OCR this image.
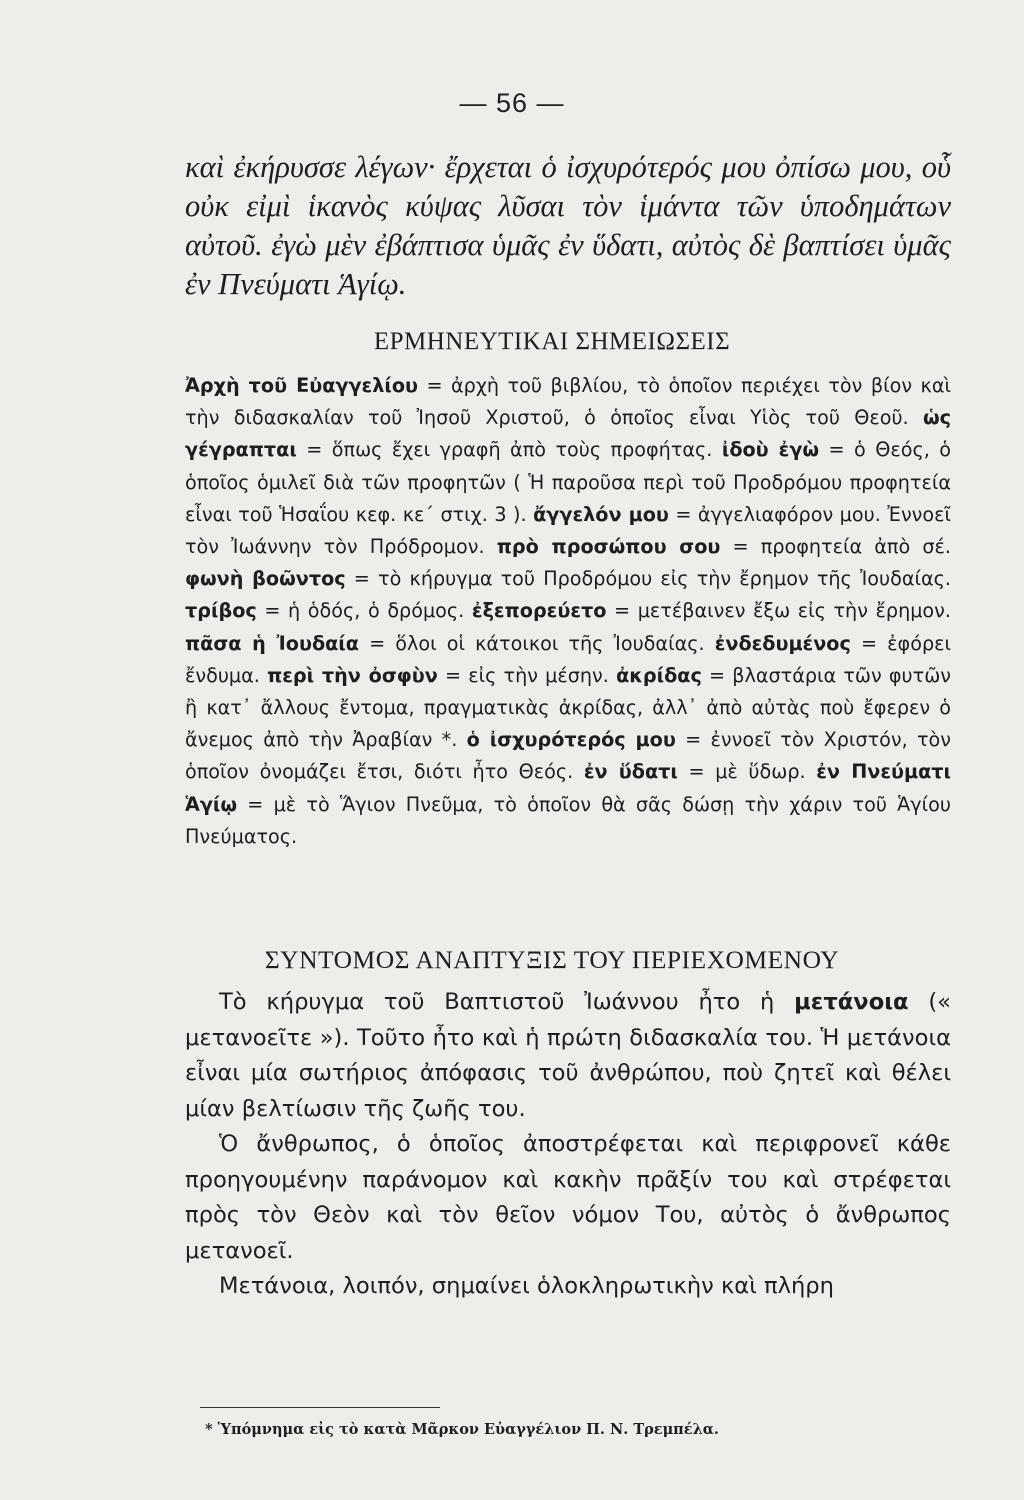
— 56 —

καὶ ἐκήρυσσε λέγων· ἔρχεται ὁ ἰσχυρότερός μου ὀπίσω μου, οὗ οὐκ εἰμὶ ἱκανὸς κύψας λῦσαι τὸν ἱμάντα τῶν ὑποδημάτων αὐτοῦ. ἐγὼ μὲν ἐβάπτισα ὑμᾶς ἐν ὕδατι, αὐτὸς δὲ βαπτίσει ὑμᾶς ἐν Πνεύματι Ἁγίῳ.

ΕΡΜΗΝΕΥΤΙΚΑΙ ΣΗΜΕΙΩΣΕΙΣ

Ἀρχὴ τοῦ Εὐαγγελίου = ἀρχὴ τοῦ βιβλίου, τὸ ὁποῖον περιέχει τὸν βίον καὶ τὴν διδασκαλίαν τοῦ Ἰησοῦ Χριστοῦ, ὁ ὁποῖος εἶναι Υἱὸς τοῦ Θεοῦ. ὡς γέγραπται = ὅπως ἔχει γραφῆ ἀπὸ τοὺς προφήτας. ἰδοὺ ἐγὼ = ὁ Θεός, ὁ ὁποῖος ὁμιλεῖ διὰ τῶν προφητῶν ( Ἡ παροῦσα περὶ τοῦ Προδρόμου προφητεία εἶναι τοῦ Ἡσαΐου κεφ. κε΄ στιχ. 3 ). ἄγγελόν μου = ἀγγελιαφόρον μου. Ἐννοεῖ τὸν Ἰωάννην τὸν Πρόδρομον. πρὸ προσώπου σου = προφητεία ἀπὸ σέ. φωνὴ βοῶντος = τὸ κήρυγμα τοῦ Προδρόμου εἰς τὴν ἔρημον τῆς Ἰουδαίας. τρίβος = ἡ ὁδός, ὁ δρόμος. ἐξεπορεύετο = μετέβαινεν ἔξω εἰς τὴν ἔρημον. πᾶσα ἡ Ἰουδαία = ὅλοι οἱ κάτοικοι τῆς Ἰουδαίας. ἐνδεδυμένος = ἐφόρει ἔνδυμα. περὶ τὴν ὀσφὺν = εἰς τὴν μέσην. ἀκρίδας = βλαστάρια τῶν φυτῶν ἢ κατ᾽ ἄλλους ἔντομα, πραγματικὰς ἀκρίδας, ἀλλ᾽ ἀπὸ αὐτὰς ποὺ ἔφερεν ὁ ἄνεμος ἀπὸ τὴν Ἀραβίαν *. ὁ ἰσχυρότερός μου = ἐννοεῖ τὸν Χριστόν, τὸν ὁποῖον ὀνομάζει ἔτσι, διότι ἦτο Θεός. ἐν ὕδατι = μὲ ὕδωρ. ἐν Πνεύματι Ἁγίῳ = μὲ τὸ Ἅγιον Πνεῦμα, τὸ ὁποῖον θὰ σᾶς δώσῃ τὴν χάριν τοῦ Ἁγίου Πνεύματος.

ΣΥΝΤΟΜΟΣ ΑΝΑΠΤΥΞΙΣ ΤΟΥ ΠΕΡΙΕΧΟΜΕΝΟΥ

Τὸ κήρυγμα τοῦ Βαπτιστοῦ Ἰωάννου ἦτο ἡ μετάνοια (« μετανοεῖτε »). Τοῦτο ἦτο καὶ ἡ πρώτη διδασκαλία του. Ἡ μετάνοια εἶναι μία σωτήριος ἀπόφασις τοῦ ἀνθρώπου, ποὺ ζητεῖ καὶ θέλει μίαν βελτίωσιν τῆς ζωῆς του.

Ὁ ἄνθρωπος, ὁ ὁποῖος ἀποστρέφεται καὶ περιφρονεῖ κάθε προηγουμένην παράνομον καὶ κακὴν πρᾶξίν του καὶ στρέφεται πρὸς τὸν Θεὸν καὶ τὸν θεῖον νόμον Του, αὐτὸς ὁ ἄνθρωπος μετανοεῖ.

Μετάνοια, λοιπόν, σημαίνει ὁλοκληρωτικὴν καὶ πλήρη

* Ὑπόμνημα εἰς τὸ κατὰ Μᾶρκον Εὐαγγέλιον Π. Ν. Τρεμπέλα.
